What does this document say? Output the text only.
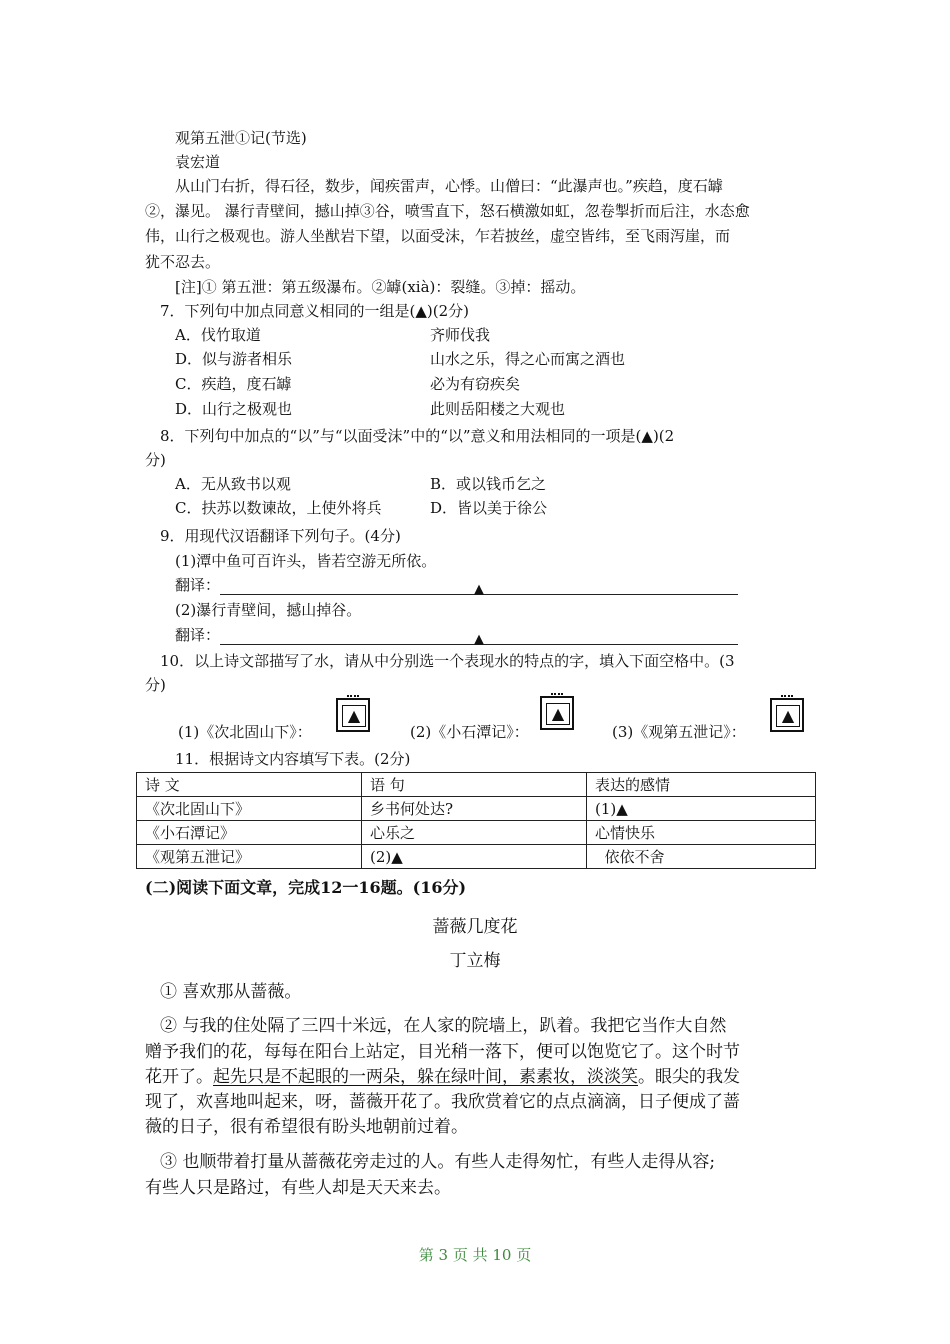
观第五泄①记(节选)
袁宏道
从山门右折，得石径，数步，闻疾雷声，心悸。山僧曰：“此瀑声也。”疾趋，度石罅
②，瀑见。 瀑行青壁间，撼山掉③谷，喷雪直下，怒石横激如虹，忽卷掣折而后注，水态愈
伟，山行之极观也。游人坐猷岩下望，以面受沫，乍若披丝，虚空皆纬，至飞雨泻崖，而
犹不忍去。
[注]① 第五泄：第五级瀑布。②罅(xià)：裂缝。③掉：摇动。
7．下列句中加点同意义相同的一组是(▲)(2分)
A．伐竹取道	齐师伐我
D．似与游者相乐	山水之乐，得之心而寓之酒也
C．疾趋，度石罅	必为有窃疾矣
D．山行之极观也	此则岳阳楼之大观也
8．下列句中加点的“以”与“以面受沫”中的“以”意义和用法相同的一项是(▲)(2
分)
A．无从致书以观	B．或以钱币乞之
C．扶苏以数谏故，上使外将兵	D．皆以美于徐公
9．用现代汉语翻译下列句子。(4分)
(1)潭中鱼可百许头，皆若空游无所依。
翻译：	▲
(2)瀑行青壁间，撼山掉谷。
翻译：	▲
10．以上诗文部描写了水，请从中分别选一个表现水的特点的字，填入下面空格中。(3
分)
(1)《次北固山下》：
▲
(2)《小石潭记》：
▲
(3)《观第五泄记》：
▲
11．根据诗文内容填写下表。(2分)
诗 文	语 句	表达的感情
《次北固山下》	乡书何处达?	(1)▲
《小石潭记》	心乐之	心情快乐
《观第五泄记》	(2)▲	依依不舍
(二)阅读下面文章，完成12一16题。(16分)
蔷薇几度花
丁立梅
① 喜欢那从蔷薇。
② 与我的住处隔了三四十米远，在人家的院墙上，趴着。我把它当作大自然
赠予我们的花，每每在阳台上站定，目光稍一落下，便可以饱览它了。这个时节
花开了。起先只是不起眼的一两朵，躲在绿叶间，素素妆，淡淡笑。眼尖的我发
现了，欢喜地叫起来，呀，蔷薇开花了。我欣赏着它的点点滴滴，日子便成了蔷
薇的日子，很有希望很有盼头地朝前过着。
③ 也顺带着打量从蔷薇花旁走过的人。有些人走得匆忙，有些人走得从容;
有些人只是路过，有些人却是天天来去。
第 3 页 共 10 页
